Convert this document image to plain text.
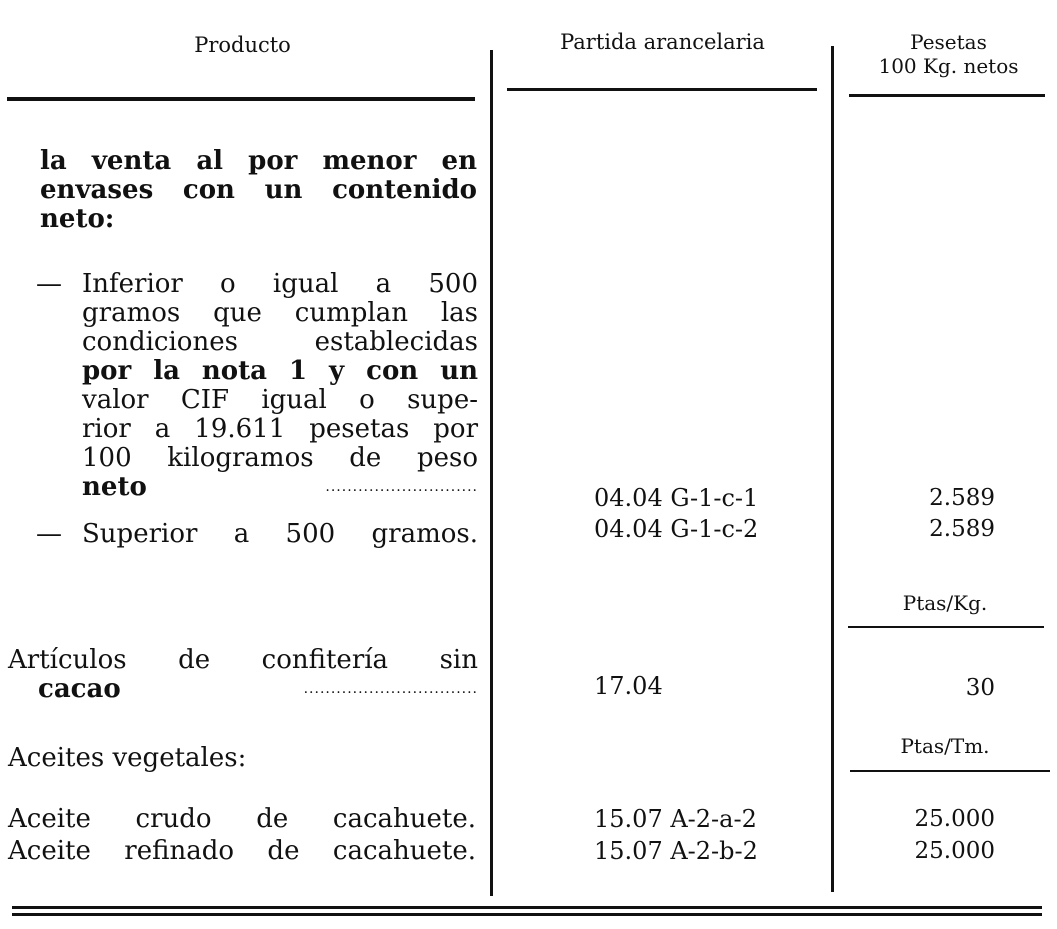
Producto	Partida arancelaria	Pesetas
100 Kg. netos
la venta al por menor en
envases con un contenido
neto:
— Inferior o igual a 500
gramos que cumplan las
condiciones establecidas
por la nota 1 y con un
valor CIF igual o supe-
rior a 19.611 pesetas por
100 kilogramos de peso
neto	............................	04.04 G-1-c-1	2.589
— Superior a 500 gramos.	04.04 G-1-c-2	2.589
Ptas/Kg.
Artículos de confitería sin
cacao	................................	17.04	30
Aceites vegetales:	Ptas/Tm.
Aceite crudo de cacahuete.	15.07 A-2-a-2	25.000
Aceite refinado de cacahuete.	15.07 A-2-b-2	25.000
